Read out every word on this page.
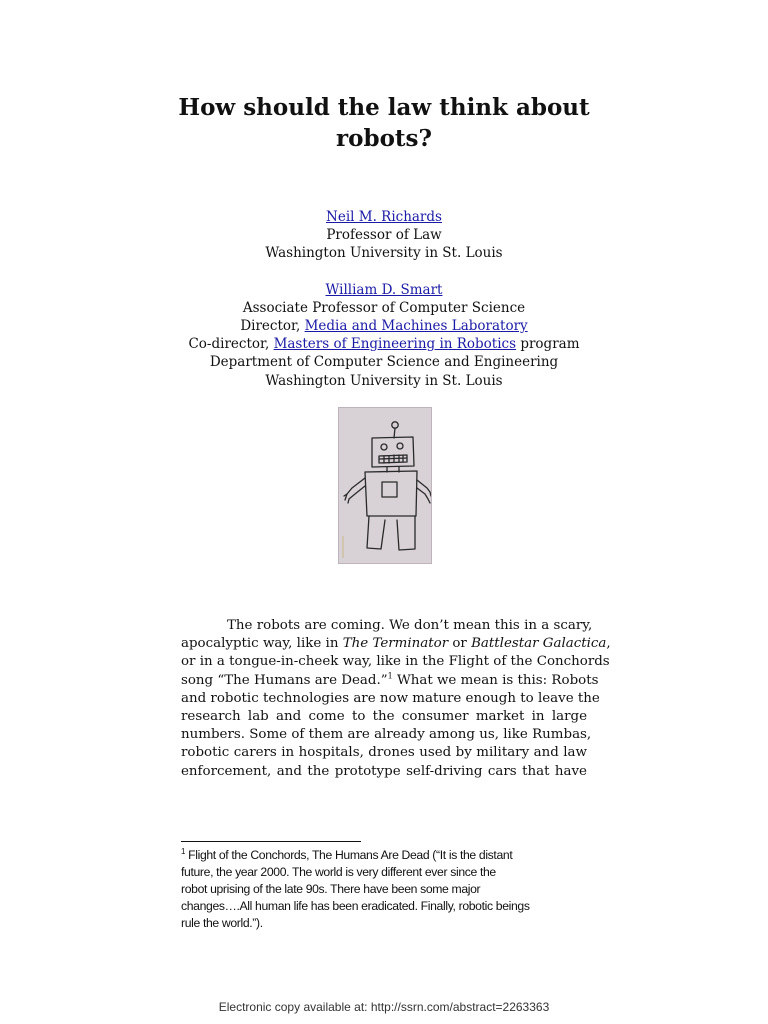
How should the law think about
robots?
Neil M. Richards
Professor of Law
Washington University in St. Louis
William D. Smart
Associate Professor of Computer Science
Director, Media and Machines Laboratory
Co-director, Masters of Engineering in Robotics program
Department of Computer Science and Engineering
Washington University in St. Louis
The robots are coming. We don’t mean this in a scary,
apocalyptic way, like in The Terminator or Battlestar Galactica,
or in a tongue-in-cheek way, like in the Flight of the Conchords
song “The Humans are Dead.”$^1$ What we mean is this: Robots
and robotic technologies are now mature enough to leave the
research lab and come to the consumer market in large
numbers. Some of them are already among us, like Rumbas,
robotic carers in hospitals, drones used by military and law
enforcement, and the prototype self-driving cars that have
$^1$ Flight of the Conchords, The Humans Are Dead (“It is the distant
future, the year 2000. The world is very different ever since the
robot uprising of the late 90s. There have been some major
changes….All human life has been eradicated. Finally, robotic beings
rule the world.”).
Electronic copy available at: http://ssrn.com/abstract=2263363
